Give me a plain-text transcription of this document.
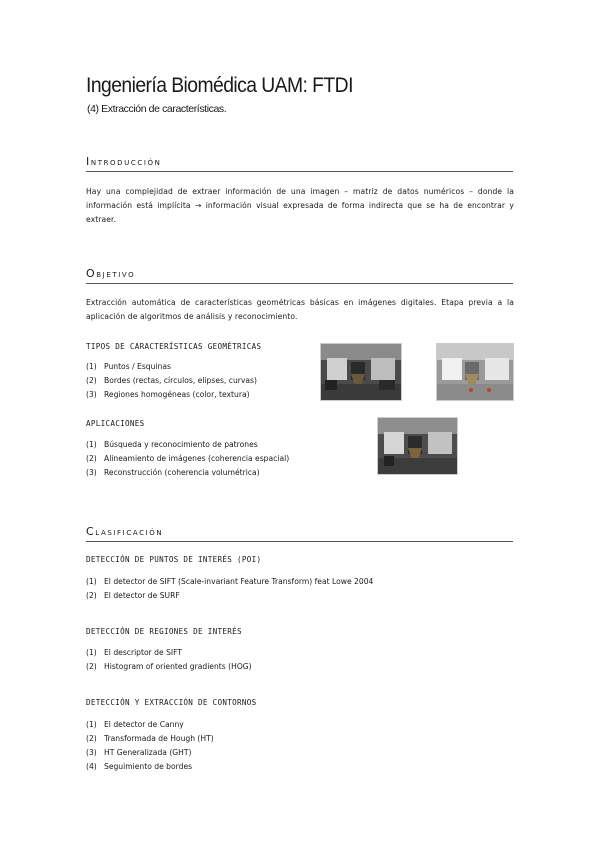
Ingeniería Biomédica UAM: FTDI
(4) Extracción de características.
Introducción
Hay una complejidad de extraer información de una imagen – matriz de datos numéricos – donde la información está implícita → información visual expresada de forma indirecta que se ha de encontrar y extraer.
Objetivo
Extracción automática de características geométricas básicas en imágenes digitales. Etapa previa a la aplicación de algoritmos de análisis y reconocimiento.
TIPOS DE CARACTERÍSTICAS GEOMÉTRICAS
(1) Puntos / Esquinas
(2) Bordes (rectas, círculos, elipses, curvas)
(3) Regiones homogéneas (color, textura)
APLICACIONES
(1) Búsqueda y reconocimiento de patrones
(2) Alineamiento de imágenes (coherencia espacial)
(3) Reconstrucción (coherencia volumétrica)
Clasificación
DETECCIÓN DE PUNTOS DE INTERÉS (POI)
(1) El detector de SIFT (Scale-invariant Feature Transform) feat Lowe 2004
(2) El detector de SURF
DETECCIÓN DE REGIONES DE INTERÉS
(1) El descriptor de SIFT
(2) Histogram of oriented gradients (HOG)
DETECCIÓN Y EXTRACCIÓN DE CONTORNOS
(1) El detector de Canny
(2) Transformada de Hough (HT)
(3) HT Generalizada (GHT)
(4) Seguimiento de bordes
